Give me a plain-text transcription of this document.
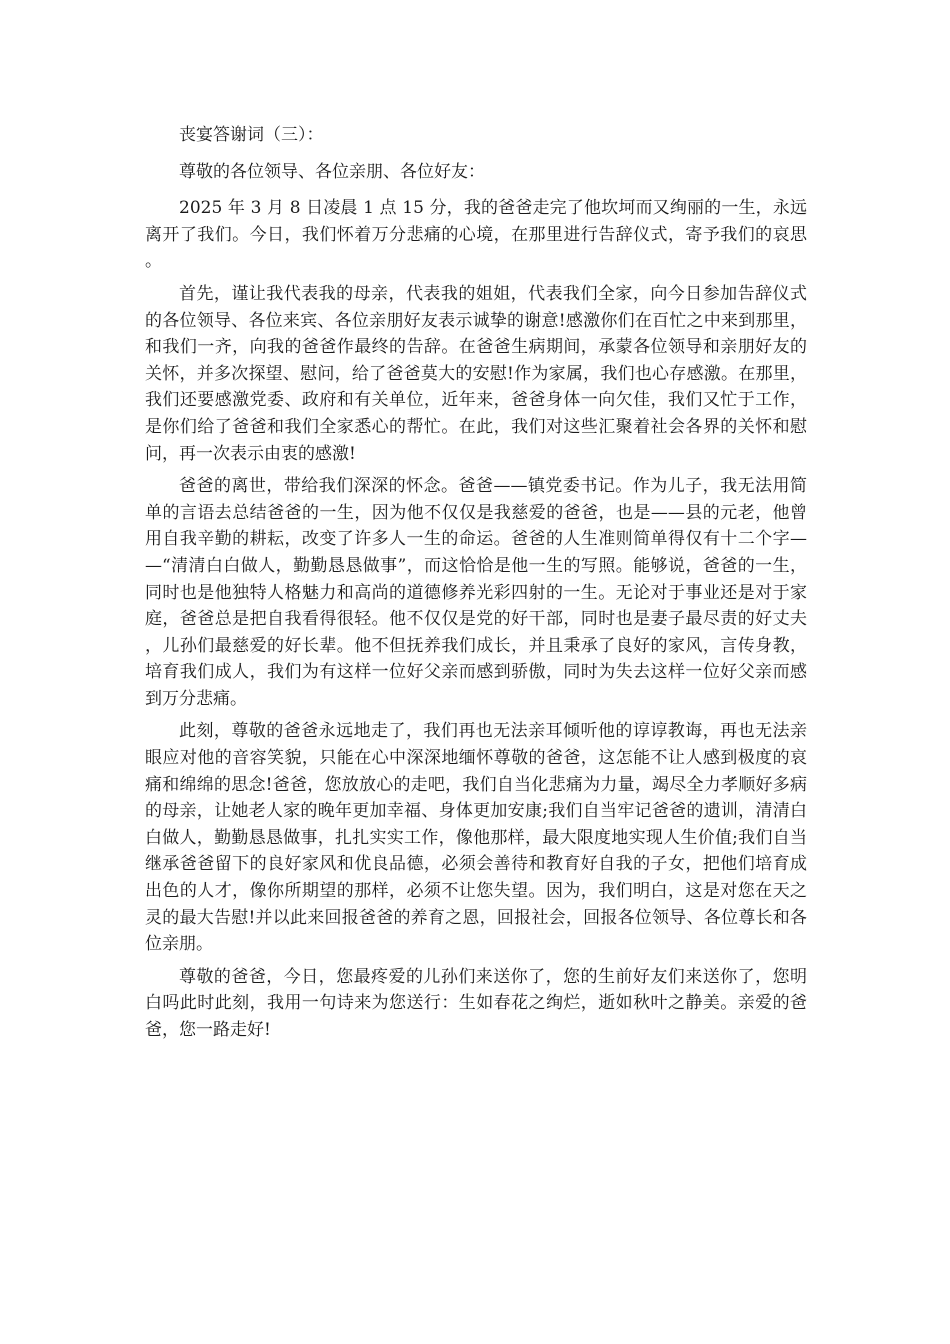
丧宴答谢词（三）：

尊敬的各位领导、各位亲朋、各位好友：

2025 年 3 月 8 日凌晨 1 点 15 分，我的爸爸走完了他坎坷而又绚丽的一生，永远离开了我们。今日，我们怀着万分悲痛的心境，在那里进行告辞仪式，寄予我们的哀思。

首先，谨让我代表我的母亲，代表我的姐姐，代表我们全家，向今日参加告辞仪式的各位领导、各位来宾、各位亲朋好友表示诚挚的谢意!感激你们在百忙之中来到那里，和我们一齐，向我的爸爸作最终的告辞。在爸爸生病期间，承蒙各位领导和亲朋好友的关怀，并多次探望、慰问，给了爸爸莫大的安慰!作为家属，我们也心存感激。在那里，我们还要感激党委、政府和有关单位，近年来，爸爸身体一向欠佳，我们又忙于工作，是你们给了爸爸和我们全家悉心的帮忙。在此，我们对这些汇聚着社会各界的关怀和慰问，再一次表示由衷的感激!

爸爸的离世，带给我们深深的怀念。爸爸——镇党委书记。作为儿子，我无法用简单的言语去总结爸爸的一生，因为他不仅仅是我慈爱的爸爸，也是——县的元老，他曾用自我辛勤的耕耘，改变了许多人一生的命运。爸爸的人生准则简单得仅有十二个字——“清清白白做人，勤勤恳恳做事”，而这恰恰是他一生的写照。能够说，爸爸的一生，同时也是他独特人格魅力和高尚的道德修养光彩四射的一生。无论对于事业还是对于家庭，爸爸总是把自我看得很轻。他不仅仅是党的好干部，同时也是妻子最尽责的好丈夫，儿孙们最慈爱的好长辈。他不但抚养我们成长，并且秉承了良好的家风，言传身教，培育我们成人，我们为有这样一位好父亲而感到骄傲，同时为失去这样一位好父亲而感到万分悲痛。

此刻，尊敬的爸爸永远地走了，我们再也无法亲耳倾听他的谆谆教诲，再也无法亲眼应对他的音容笑貌，只能在心中深深地缅怀尊敬的爸爸，这怎能不让人感到极度的哀痛和绵绵的思念!爸爸，您放放心的走吧，我们自当化悲痛为力量，竭尽全力孝顺好多病的母亲，让她老人家的晚年更加幸福、身体更加安康;我们自当牢记爸爸的遗训，清清白白做人，勤勤恳恳做事，扎扎实实工作，像他那样，最大限度地实现人生价值;我们自当继承爸爸留下的良好家风和优良品德，必须会善待和教育好自我的子女，把他们培育成出色的人才，像你所期望的那样，必须不让您失望。因为，我们明白，这是对您在天之灵的最大告慰!并以此来回报爸爸的养育之恩，回报社会，回报各位领导、各位尊长和各位亲朋。

尊敬的爸爸，今日，您最疼爱的儿孙们来送你了，您的生前好友们来送你了，您明白吗此时此刻，我用一句诗来为您送行：生如春花之绚烂，逝如秋叶之静美。亲爱的爸爸，您一路走好!
